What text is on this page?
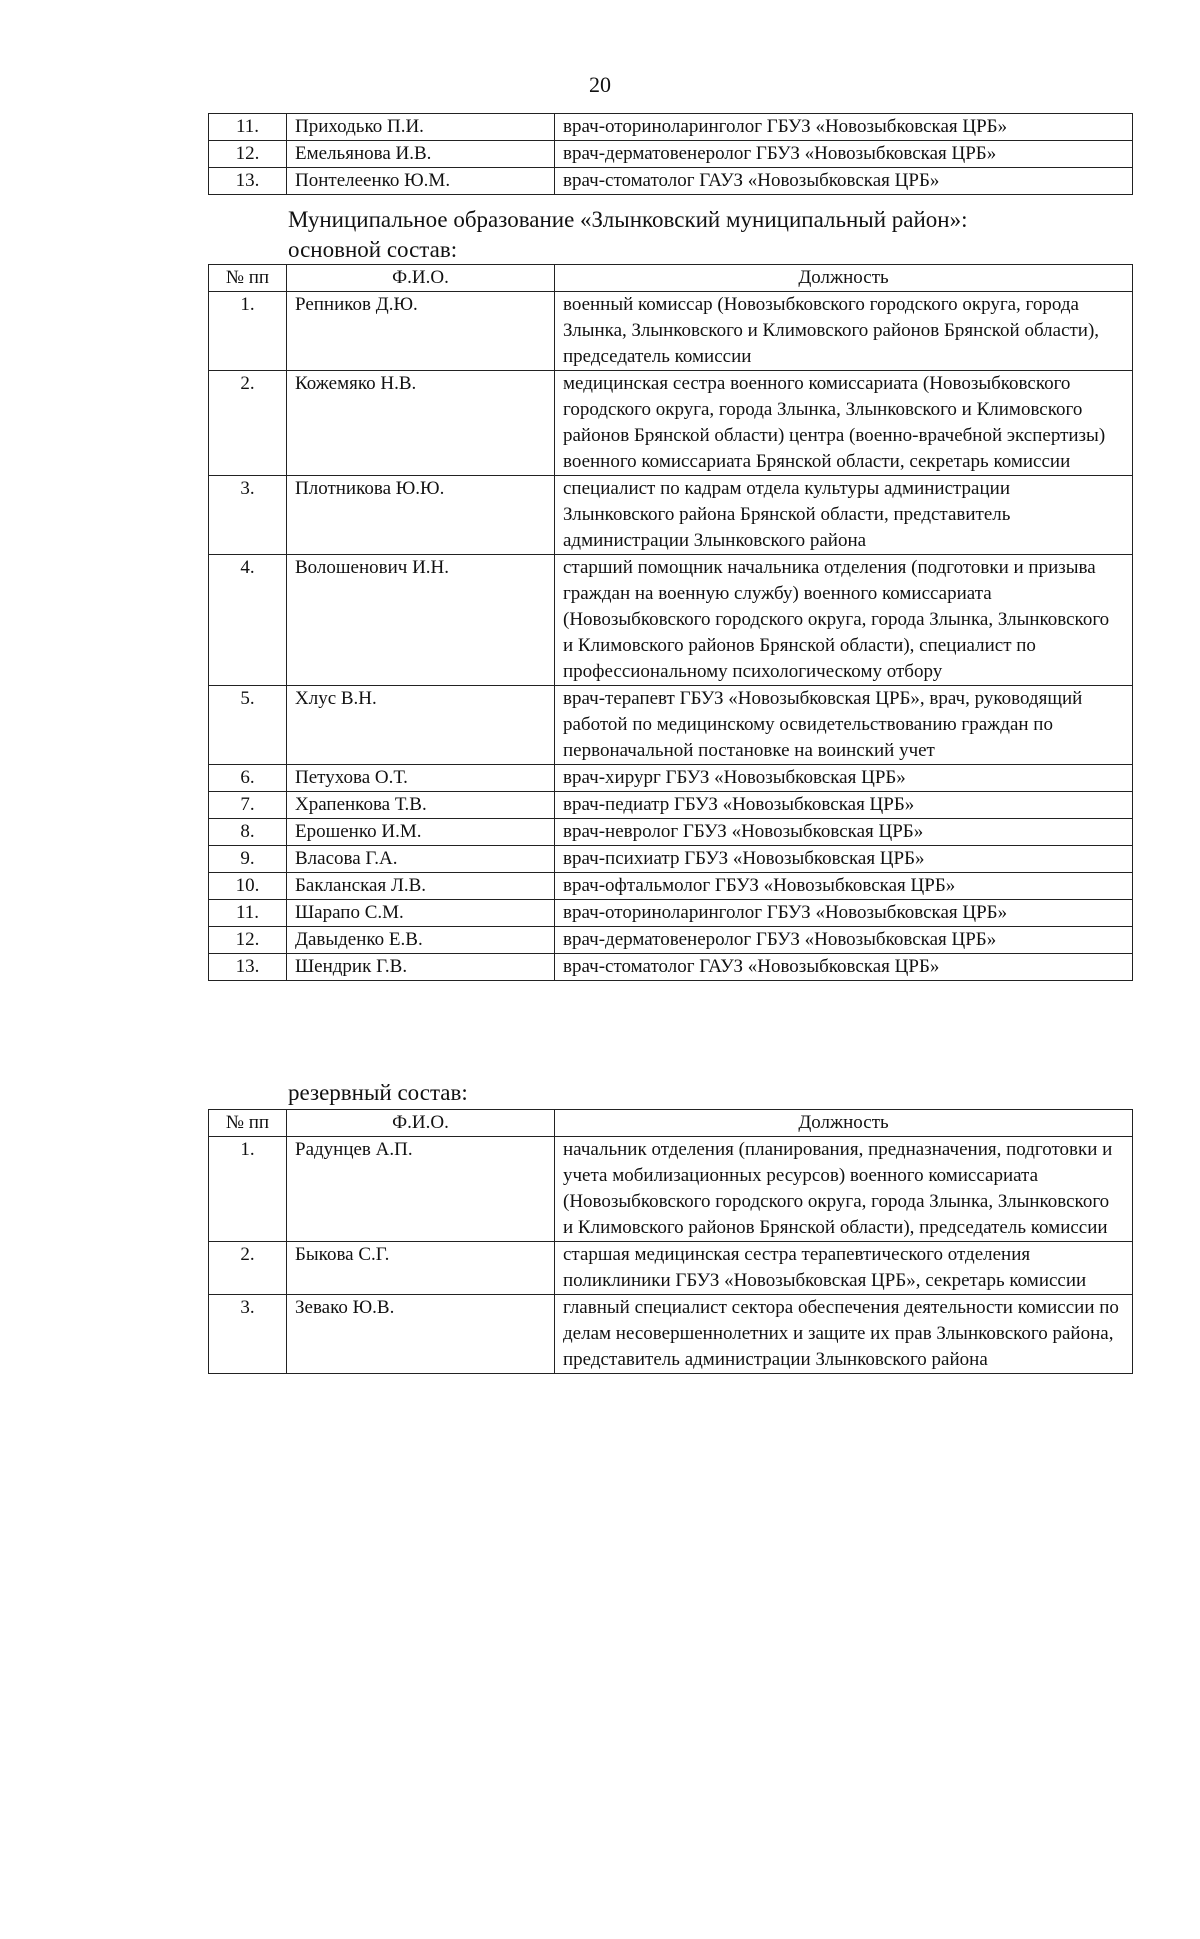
20
11.	Приходько П.И.	врач-оториноларинголог ГБУЗ «Новозыбковская ЦРБ»
12.	Емельянова И.В.	врач-дерматовенеролог ГБУЗ «Новозыбковская ЦРБ»
13.	Понтелеенко Ю.М.	врач-стоматолог ГАУЗ «Новозыбковская ЦРБ»
Муниципальное образование «Злынковский муниципальный район»:
основной состав:
№ пп	Ф.И.О.	Должность
1.	Репников Д.Ю.	военный комиссар (Новозыбковского городского округа, города Злынка, Злынковского и Климовского районов Брянской области), председатель комиссии
2.	Кожемяко Н.В.	медицинская сестра военного комиссариата (Новозыбковского городского округа, города Злынка, Злынковского и Климовского районов Брянской области) центра (военно-врачебной экспертизы) военного комиссариата Брянской области, секретарь комиссии
3.	Плотникова Ю.Ю.	специалист по кадрам отдела культуры администрации Злынковского района Брянской области, представитель администрации Злынковского района
4.	Волошенович И.Н.	старший помощник начальника отделения (подготовки и призыва граждан на военную службу) военного комиссариата (Новозыбковского городского округа, города Злынка, Злынковского и Климовского районов Брянской области), специалист по профессиональному психологическому отбору
5.	Хлус В.Н.	врач-терапевт ГБУЗ «Новозыбковская ЦРБ», врач, руководящий работой по медицинскому освидетельствованию граждан по первоначальной постановке на воинский учет
6.	Петухова О.Т.	врач-хирург ГБУЗ «Новозыбковская ЦРБ»
7.	Храпенкова Т.В.	врач-педиатр ГБУЗ «Новозыбковская ЦРБ»
8.	Ерошенко И.М.	врач-невролог ГБУЗ «Новозыбковская ЦРБ»
9.	Власова Г.А.	врач-психиатр ГБУЗ «Новозыбковская ЦРБ»
10.	Бакланская Л.В.	врач-офтальмолог ГБУЗ «Новозыбковская ЦРБ»
11.	Шарапо С.М.	врач-оториноларинголог ГБУЗ «Новозыбковская ЦРБ»
12.	Давыденко Е.В.	врач-дерматовенеролог ГБУЗ «Новозыбковская ЦРБ»
13.	Шендрик Г.В.	врач-стоматолог ГАУЗ «Новозыбковская ЦРБ»
резервный состав:
№ пп	Ф.И.О.	Должность
1.	Радунцев А.П.	начальник отделения (планирования, предназначения, подготовки и учета мобилизационных ресурсов) военного комиссариата (Новозыбковского городского округа, города Злынка, Злынковского и Климовского районов Брянской области), председатель комиссии
2.	Быкова С.Г.	старшая медицинская сестра терапевтического отделения поликлиники ГБУЗ «Новозыбковская ЦРБ», секретарь комиссии
3.	Зевако Ю.В.	главный специалист сектора обеспечения деятельности комиссии по делам несовершеннолетних и защите их прав Злынковского района, представитель администрации Злынковского района
